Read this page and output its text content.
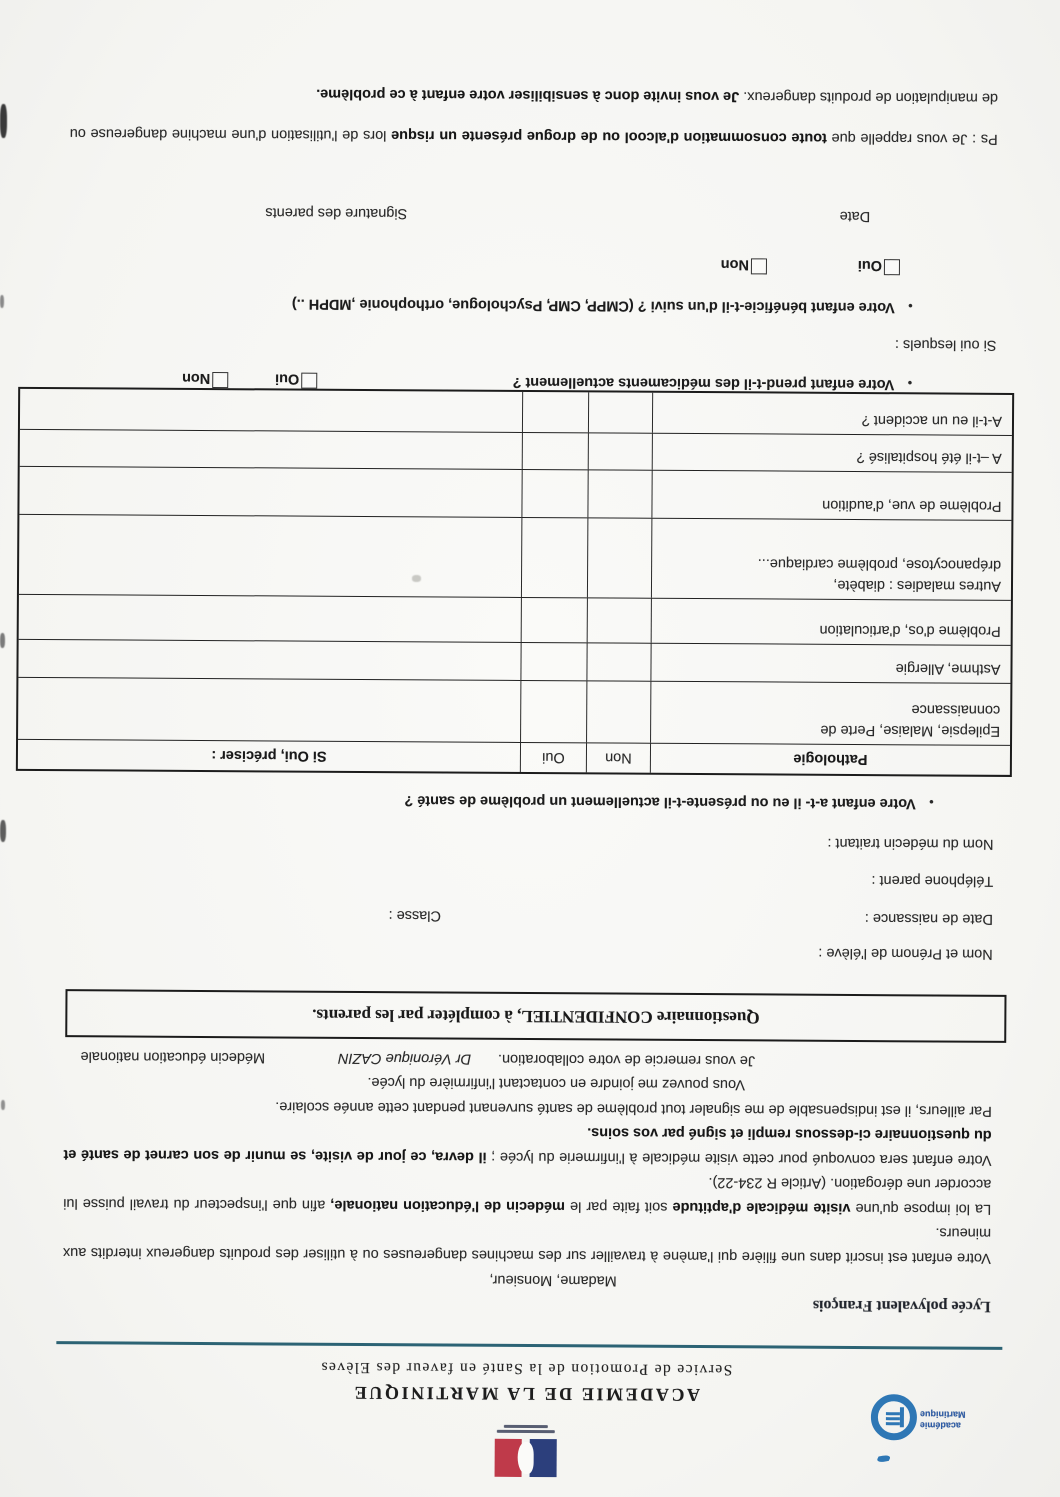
académie
Martinique
ACADEMIE DE LA MARTINIQUE
Service de Promotion de la Santé en faveur des Elèves
Lycée polyvalent François
Madame, Monsieur,

Votre enfant est inscrit dans une filière qui l'amène à travailler sur des machines dangereuses ou à utiliser des produits dangereux interdits aux mineurs.

La loi impose qu'une visite médicale d'aptitude soit faite par le médecin de l'éducation nationale, afin que l'inspecteur du travail puisse lui accorder une dérogation. (Article R 234-22).

Votre enfant sera convoqué pour cette visite médicale à l'infirmerie du lycée ; il devra, ce jour de visite, se munir de son carnet de santé et du questionnaire ci-dessous rempli et signé par vos soins.

Par ailleurs, il est indispensable de me signaler tout problème de santé survenant pendant cette année scolaire.

Vous pouvez me joindre en contactant l'infirmière du lycée.

Je vous remercie de votre collaboration.
Dr Véronique CAZIN
Médecin éducation nationale
Questionnaire CONFIDENTIEL, à compléter par les parents.
Nom et Prénom de l'élève :
Date de naissance :
Classe :
Téléphone parent :
Nom du médecin traitant :
•
Votre enfant a-t- il eu ou présente-t-il actuellement un problème de santé ?
Pathologie
Non
Oui
Si Oui, préciser :
Epilepsie, Malaise, Perte de connaissance
Asthme, Allergie
Problème d'os, d'articulation
Autres maladies : diabète, drépanocytose, problème cardiaque...
Problème de vue, d'audition
A –t-il été hospitalisé ?
A-t-il eu un accident ?
•
Votre enfant prend-t-il des médicaments actuellement ?
Oui
Non
Si oui lesquels :
•
Votre enfant bénéficie-t-il d'un suivi ? (CMPP, CMP, Psychologue, orthophonie ,MDPH ..)
Oui
Non
Date
Signature des parents
Ps : Je vous rappelle que toute consommation d'alcool ou de drogue présente un risque lors de l'utilisation d'une machine dangereuse ou de manipulation de produits dangereux. Je vous invite donc à sensibiliser votre enfant à ce problème.
